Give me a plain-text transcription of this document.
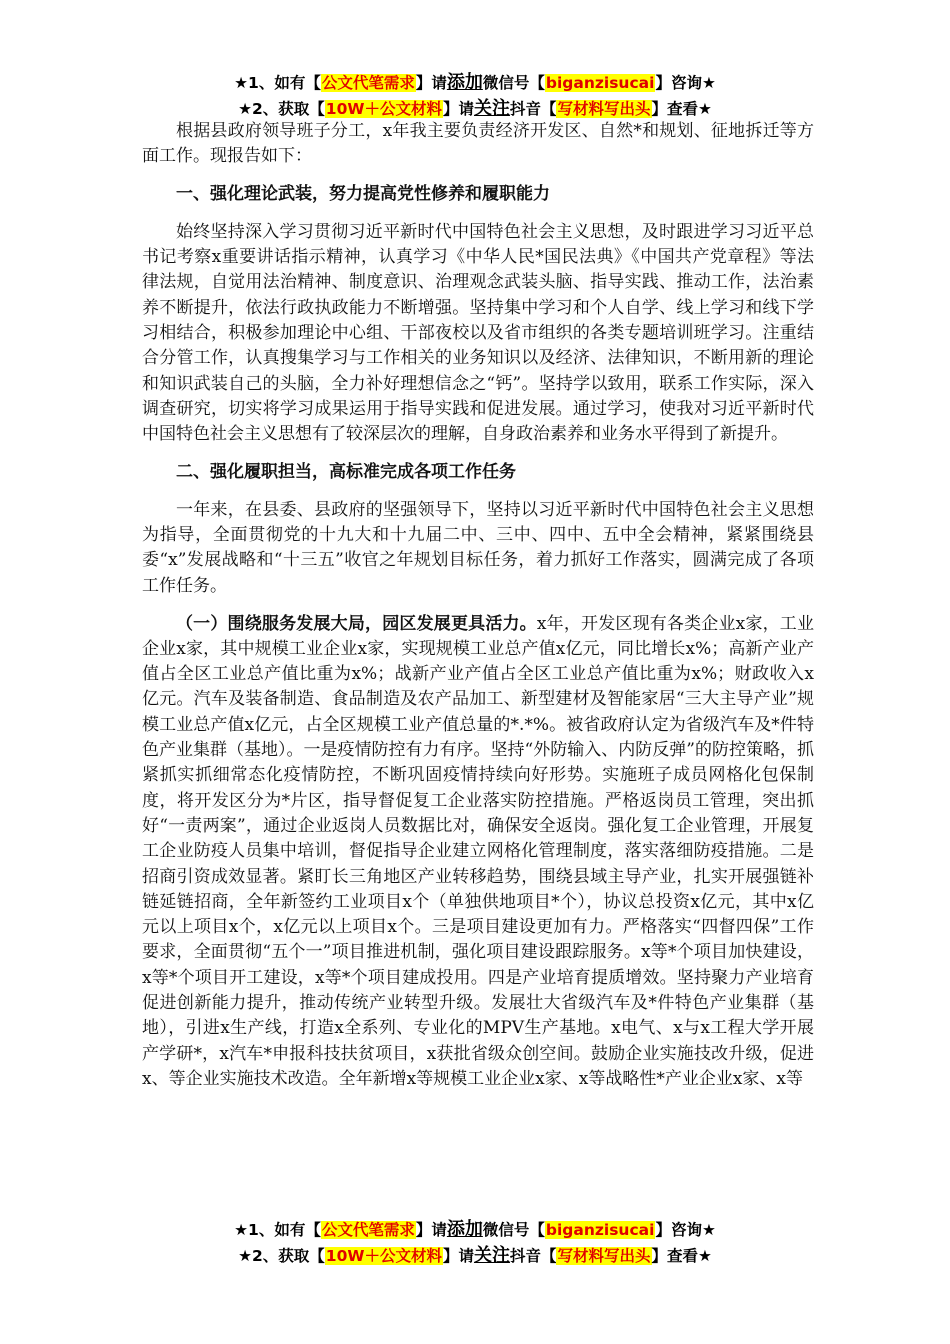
★1、如有【公文代笔需求】请添加微信号【biganzisucai】咨询★
★2、获取【10W＋公文材料】请关注抖音【写材料写出头】查看★

根据县政府领导班子分工，x年我主要负责经济开发区、自然*和规划、征地拆迁等方面工作。现报告如下：

一、强化理论武装，努力提高党性修养和履职能力

始终坚持深入学习贯彻习近平新时代中国特色社会主义思想，及时跟进学习习近平总书记考察x重要讲话指示精神，认真学习《中华人民*国民法典》《中国共产党章程》等法律法规，自觉用法治精神、制度意识、治理观念武装头脑、指导实践、推动工作，法治素养不断提升，依法行政执政能力不断增强。坚持集中学习和个人自学、线上学习和线下学习相结合，积极参加理论中心组、干部夜校以及省市组织的各类专题培训班学习。注重结合分管工作，认真搜集学习与工作相关的业务知识以及经济、法律知识，不断用新的理论和知识武装自己的头脑，全力补好理想信念之“钙”。坚持学以致用，联系工作实际，深入调查研究，切实将学习成果运用于指导实践和促进发展。通过学习，使我对习近平新时代中国特色社会主义思想有了较深层次的理解，自身政治素养和业务水平得到了新提升。

二、强化履职担当，高标准完成各项工作任务

一年来，在县委、县政府的坚强领导下，坚持以习近平新时代中国特色社会主义思想为指导，全面贯彻党的十九大和十九届二中、三中、四中、五中全会精神，紧紧围绕县委“x”发展战略和“十三五”收官之年规划目标任务，着力抓好工作落实，圆满完成了各项工作任务。

（一）围绕服务发展大局，园区发展更具活力。x年，开发区现有各类企业x家，工业企业x家，其中规模工业企业x家，实现规模工业总产值x亿元，同比增长x%；高新产业产值占全区工业总产值比重为x%；战新产业产值占全区工业总产值比重为x%；财政收入x亿元。汽车及装备制造、食品制造及农产品加工、新型建材及智能家居“三大主导产业”规模工业总产值x亿元，占全区规模工业产值总量的*.*%。被省政府认定为省级汽车及*件特色产业集群（基地）。一是疫情防控有力有序。坚持“外防输入、内防反弹”的防控策略，抓紧抓实抓细常态化疫情防控，不断巩固疫情持续向好形势。实施班子成员网格化包保制度，将开发区分为*片区，指导督促复工企业落实防控措施。严格返岗员工管理，突出抓好“一责两案”，通过企业返岗人员数据比对，确保安全返岗。强化复工企业管理，开展复工企业防疫人员集中培训，督促指导企业建立网格化管理制度，落实落细防疫措施。二是招商引资成效显著。紧盯长三角地区产业转移趋势，围绕县域主导产业，扎实开展强链补链延链招商，全年新签约工业项目x个（单独供地项目*个），协议总投资x亿元，其中x亿元以上项目x个，x亿元以上项目x个。三是项目建设更加有力。严格落实“四督四保”工作要求，全面贯彻“五个一”项目推进机制，强化项目建设跟踪服务。x等*个项目加快建设，x等*个项目开工建设，x等*个项目建成投用。四是产业培育提质增效。坚持聚力产业培育促进创新能力提升，推动传统产业转型升级。发展壮大省级汽车及*件特色产业集群（基地），引进x生产线，打造x全系列、专业化的MPV生产基地。x电气、x与x工程大学开展产学研*，x汽车*申报科技扶贫项目，x获批省级众创空间。鼓励企业实施技改升级，促进x、等企业实施技术改造。全年新增x等规模工业企业x家、x等战略性*产业企业x家、x等

★1、如有【公文代笔需求】请添加微信号【biganzisucai】咨询★
★2、获取【10W＋公文材料】请关注抖音【写材料写出头】查看★
